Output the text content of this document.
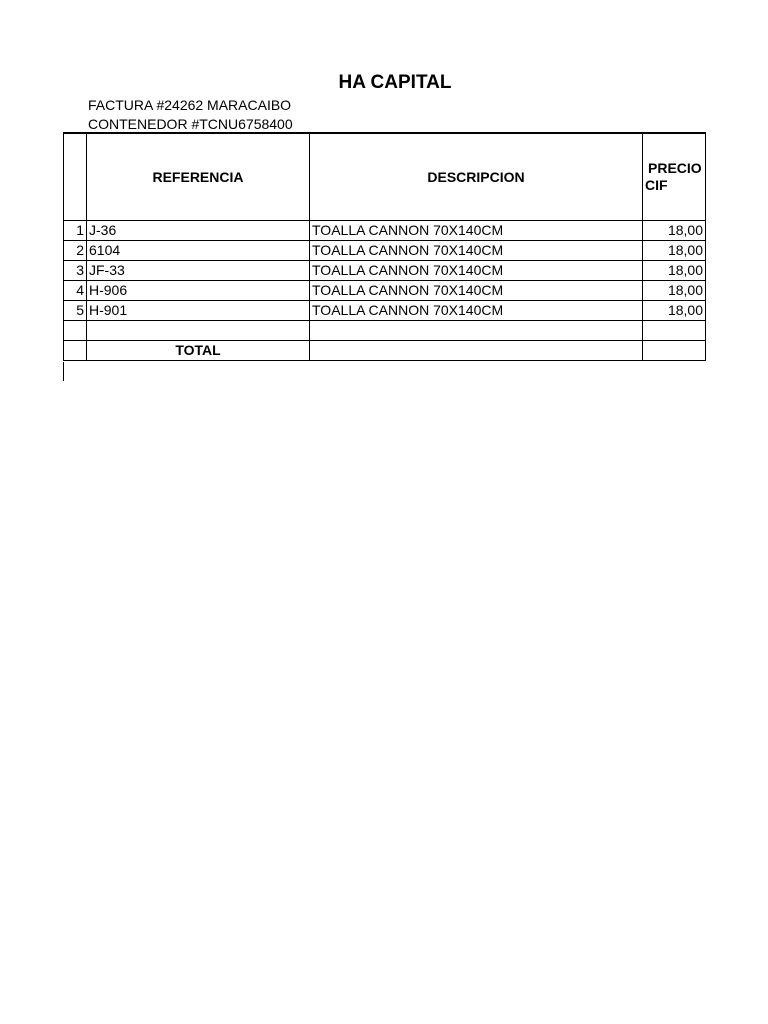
HA CAPITAL
FACTURA #24262 MARACAIBO
CONTENEDOR #TCNU6758400
	REFERENCIA	DESCRIPCION	PRECIO
CIF

1	J-36	TOALLA CANNON 70X140CM	18,00
2	6104	TOALLA CANNON 70X140CM	18,00
3	JF-33	TOALLA CANNON 70X140CM	18,00
4	H-906	TOALLA CANNON 70X140CM	18,00
5	H-901	TOALLA CANNON 70X140CM	18,00

	TOTAL		
